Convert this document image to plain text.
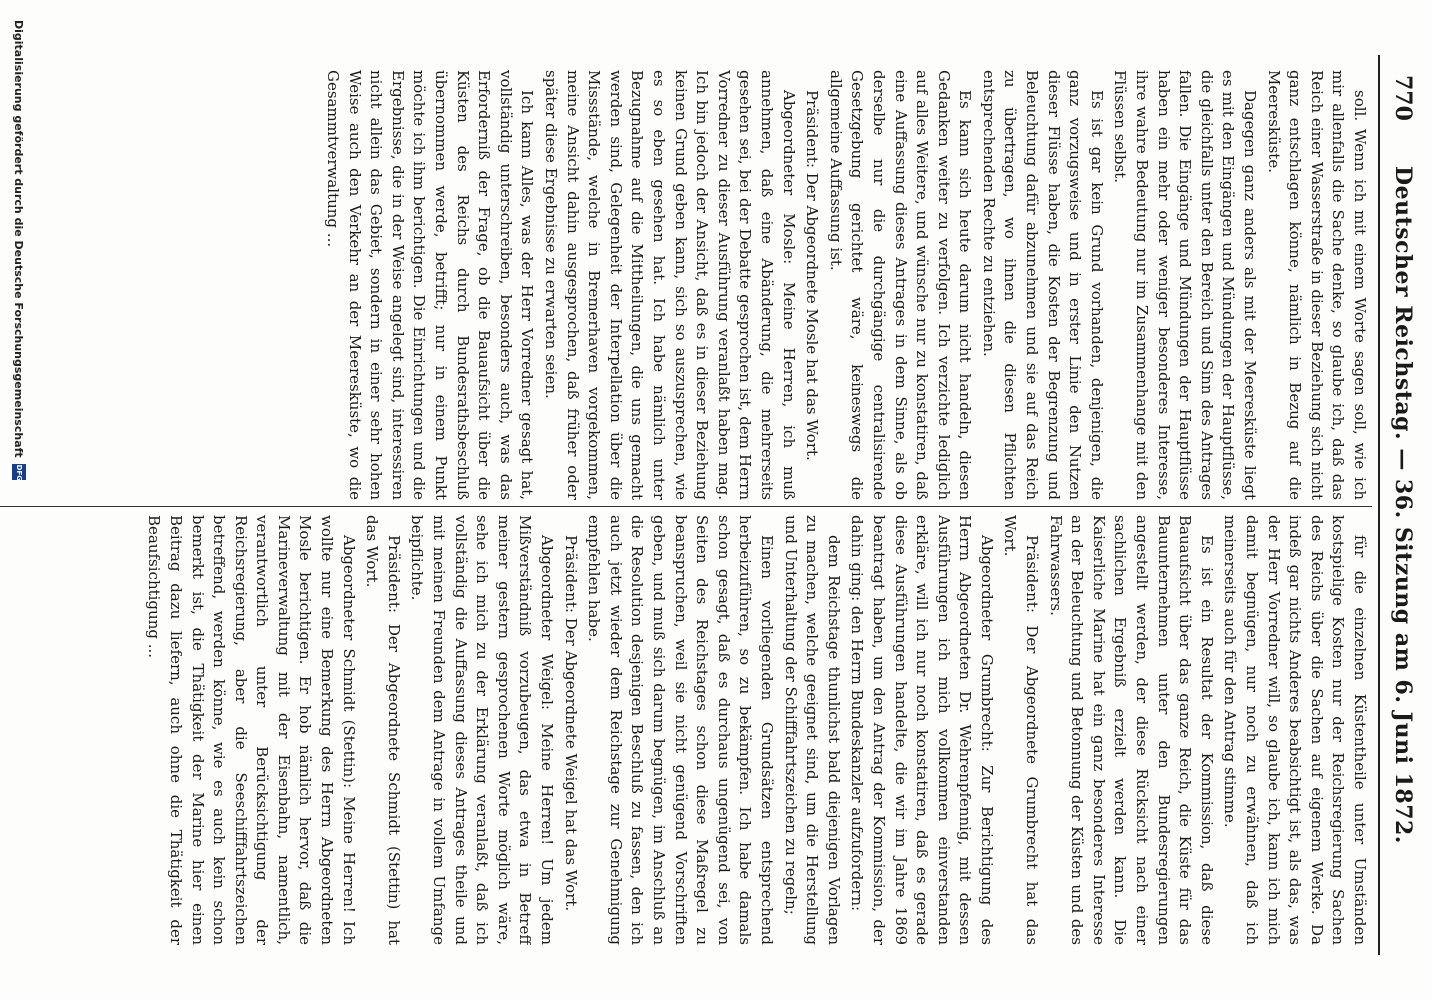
770
Deutscher Reichstag. — 36. Sitzung am 6. Juni 1872.

soll. Wenn ich mit einem Worte sagen soll, wie ich mir allenfalls die Sache denke, so glaube ich, daß das Reich einer Wasserstraße in dieser Beziehung sich nicht ganz entschlagen könne, nämlich in Bezug auf die Meeresküste.

Dagegen ganz anders als mit der Meeresküste liegt es mit den Eingängen und Mündungen der Hauptflüsse, die gleichfalls unter den Bereich und Sinn des Antrages fallen. Die Eingänge und Mündungen der Hauptflüsse haben ein mehr oder weniger besonderes Interesse, ihre wahre Bedeutung nur im Zusammenhange mit den Flüssen selbst.

Es ist gar kein Grund vorhanden, denjenigen, die ganz vorzugsweise und in erster Linie den Nutzen dieser Flüsse haben, die Kosten der Begrenzung und Beleuchtung dafür abzunehmen und sie auf das Reich zu übertragen, wo ihnen die diesen Pflichten entsprechenden Rechte zu entziehen.

Es kann sich heute darum nicht handeln, diesen Gedanken weiter zu verfolgen. Ich verzichte lediglich auf alles Weitere, und wünsche nur zu konstatiren, daß eine Auffassung dieses Antrages in dem Sinne, als ob derselbe nur die durchgängige centralisirende Gesetzgebung gerichtet wäre, keineswegs die allgemeine Auffassung ist.

Präsident: Der Abgeordnete Mosle hat das Wort.

Abgeordneter Mosle: Meine Herren, ich muß annehmen, daß eine Abänderung, die mehrerseits gesehen sei, bei der Debatte gesprochen ist, dem Herrn Vorredner zu dieser Ausführung veranlaßt haben mag. Ich bin jedoch der Ansicht, daß es in dieser Beziehung keinen Grund geben kann, sich so auszusprechen, wie es so eben gesehen hat. Ich habe nämlich unter Bezugnahme auf die Mittheilungen, die uns gemacht werden sind, Gelegenheit der Interpellation über die Missstände, welche in Bremerhaven vorgekommen, meine Ansicht dahin ausgesprochen, daß früher oder später diese Ergebnisse zu erwarten seien.

Ich kann Alles, was der Herr Vorredner gesagt hat, vollständig unterschreiben, besonders auch, was das Erforderniß der Frage, ob die Bauaufsicht über die Küsten des Reichs durch Bundesrathsbeschluß übernommen werde, betrifft; nur in einem Punkt möchte ich ihm berichtigen. Die Einrichtungen und die Ergebnisse, die in der Weise angelegt sind, interessiren nicht allein das Gebiet, sondern in einer sehr hohen Weise auch den Verkehr an der Meeresküste, wo die Gesammtverwaltung ...

für die einzelnen Küstentheile unter Umständen kostspielige Kosten nur der Reichsregierung Sachen des Reichs über die Sachen auf eigenem Werke. Da indeß gar nichts Anderes beabsichtigt ist, als das, was der Herr Vorredner will, so glaube ich, kann ich mich damit begnügen, nur noch zu erwähnen, daß ich meinerseits auch für den Antrag stimme.

Es ist ein Resultat der Kommission, daß diese Bauaufsicht über das ganze Reich, die Küste für das Bauunternehmen unter den Bundesregierungen angestellt werden, der diese Rücksicht nach einer sachlichen Ergebniß erzielt werden kann. Die Kaiserliche Marine hat ein ganz besonderes Interesse an der Beleuchtung und Betonnung der Küsten und des Fahrwassers.

Präsident: Der Abgeordnete Grumbrecht hat das Wort.

Abgeordneter Grumbrecht: Zur Berichtigung des Herrn Abgeordneten Dr. Wehrenpfennig, mit dessen Ausführungen ich mich vollkommen einverstanden erkläre, will ich nur noch konstatiren, daß es gerade diese Ausführungen handelte, die wir im Jahre 1869 beantragt haben, um den Antrag der Kommission, der dahin ging: den Herrn Bundeskanzler aufzufordern:

dem Reichstage thunlichst bald diejenigen Vorlagen zu machen, welche geeignet sind, um die Herstellung und Unterhaltung der Schifffahrtszeichen zu regeln;

Einen vorliegenden Grundsätzen entsprechend herbeizuführen, so zu bekämpfen. Ich habe damals schon gesagt, daß es durchaus ungenügend sei, von Seiten des Reichstages schon diese Maßregel zu beanspruchen, weil sie nicht genügend Vorschriften geben, und muß sich darum begnügen, im Anschluß an die Resolution desjenigen Beschluß zu fassen, den ich auch jetzt wieder dem Reichstage zur Genehmigung empfehlen habe.

Präsident: Der Abgeordnete Weigel hat das Wort.

Abgeordneter Weigel: Meine Herren! Um jedem Mißverständniß vorzubeugen, das etwa in Betreff meiner gestern gesprochenen Worte möglich wäre, sehe ich mich zu der Erklärung veranlaßt, daß ich vollständig die Auffassung dieses Antrages theile und mit meinen Freunden dem Antrage in vollem Umfange beipflichte.

Präsident: Der Abgeordnete Schmidt (Stettin) hat das Wort.

Abgeordneter Schmidt (Stettin): Meine Herren! Ich wollte nur eine Bemerkung des Herrn Abgeordneten Mosle berichtigen. Er hob nämlich hervor, daß die Marineverwaltung mit der Eisenbahn, namentlich, verantwortlich unter Berücksichtigung der Reichsregierung, aber die Seeschifffahrtszeichen betreffend, werden könne, wie es auch kein schon bemerkt ist, die Thätigkeit der Marine hier einen Beitrag dazu liefern, auch ohne die Thätigkeit der Beaufsichtigung ...

Digitalisierung gefördert durch die Deutsche Forschungsgemeinschaft
DFG
